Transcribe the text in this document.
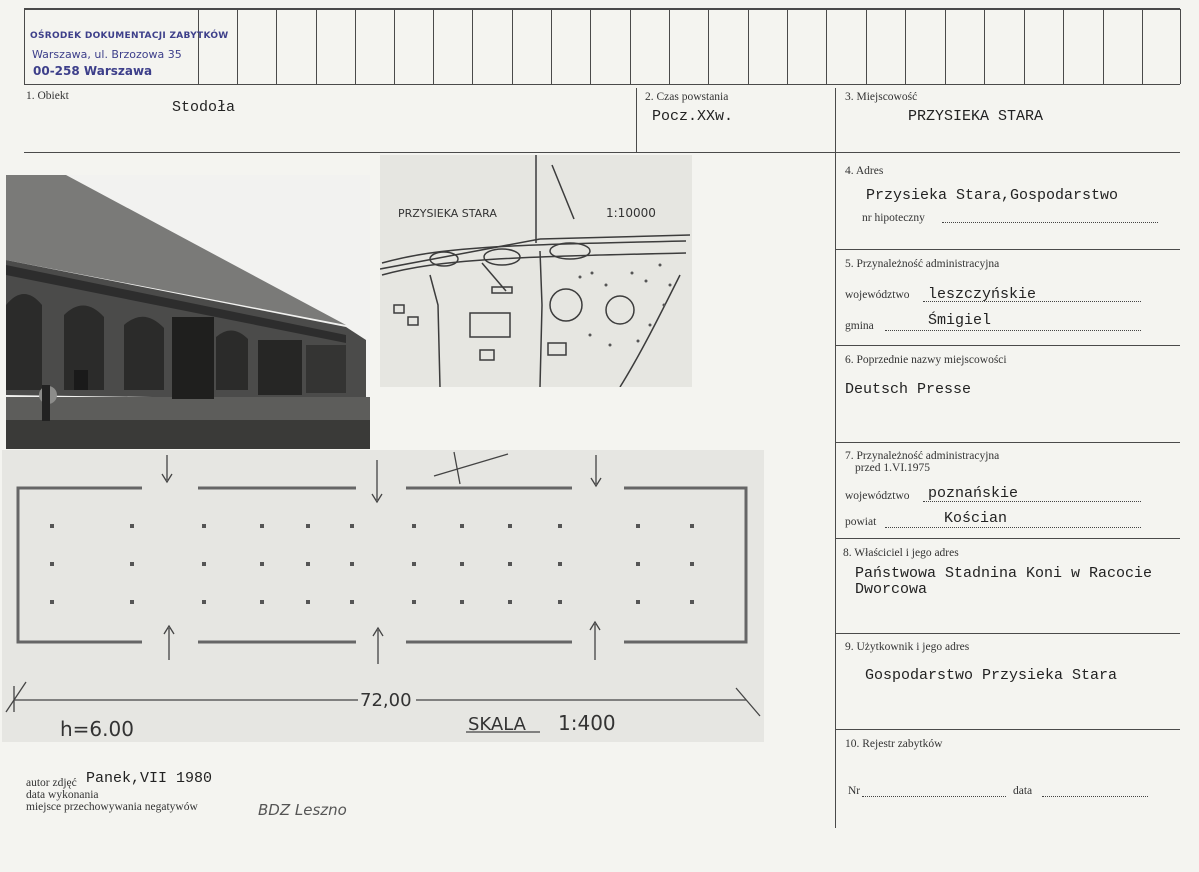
OŚRODEK DOKUMENTACJI ZABYTKÓW
Warszawa, ul. Brzozowa 35
00-258 Warszawa
1. Obiekt
Stodoła
2. Czas powstania
Pocz.XXw.
3. Miejscowość
PRZYSIEKA STARA
4. Adres
Przysieka Stara,Gospodarstwo
nr hipoteczny
5. Przynależność administracyjna
województwo leszczyńskie
gmina	Śmigiel
6. Poprzednie nazwy miejscowości
Deutsch Presse
7. Przynależność administracyjna
przed 1.VI.1975
województwo poznańskie
powiat	Kościan
8. Właściciel i jego adres
Państwowa Stadnina Koni w Racocie
Dworcowa
9. Użytkownik i jego adres
Gospodarstwo Przysieka Stara
10. Rejestr zabytków
Nr	data
PRZYSIEKA STARA	1:10000
72,00
h=6.00	SKALA 1:400
autor zdjęć Panek,VII 1980
data wykonania
miejsce przechowywania negatywów	BDZ Leszno
